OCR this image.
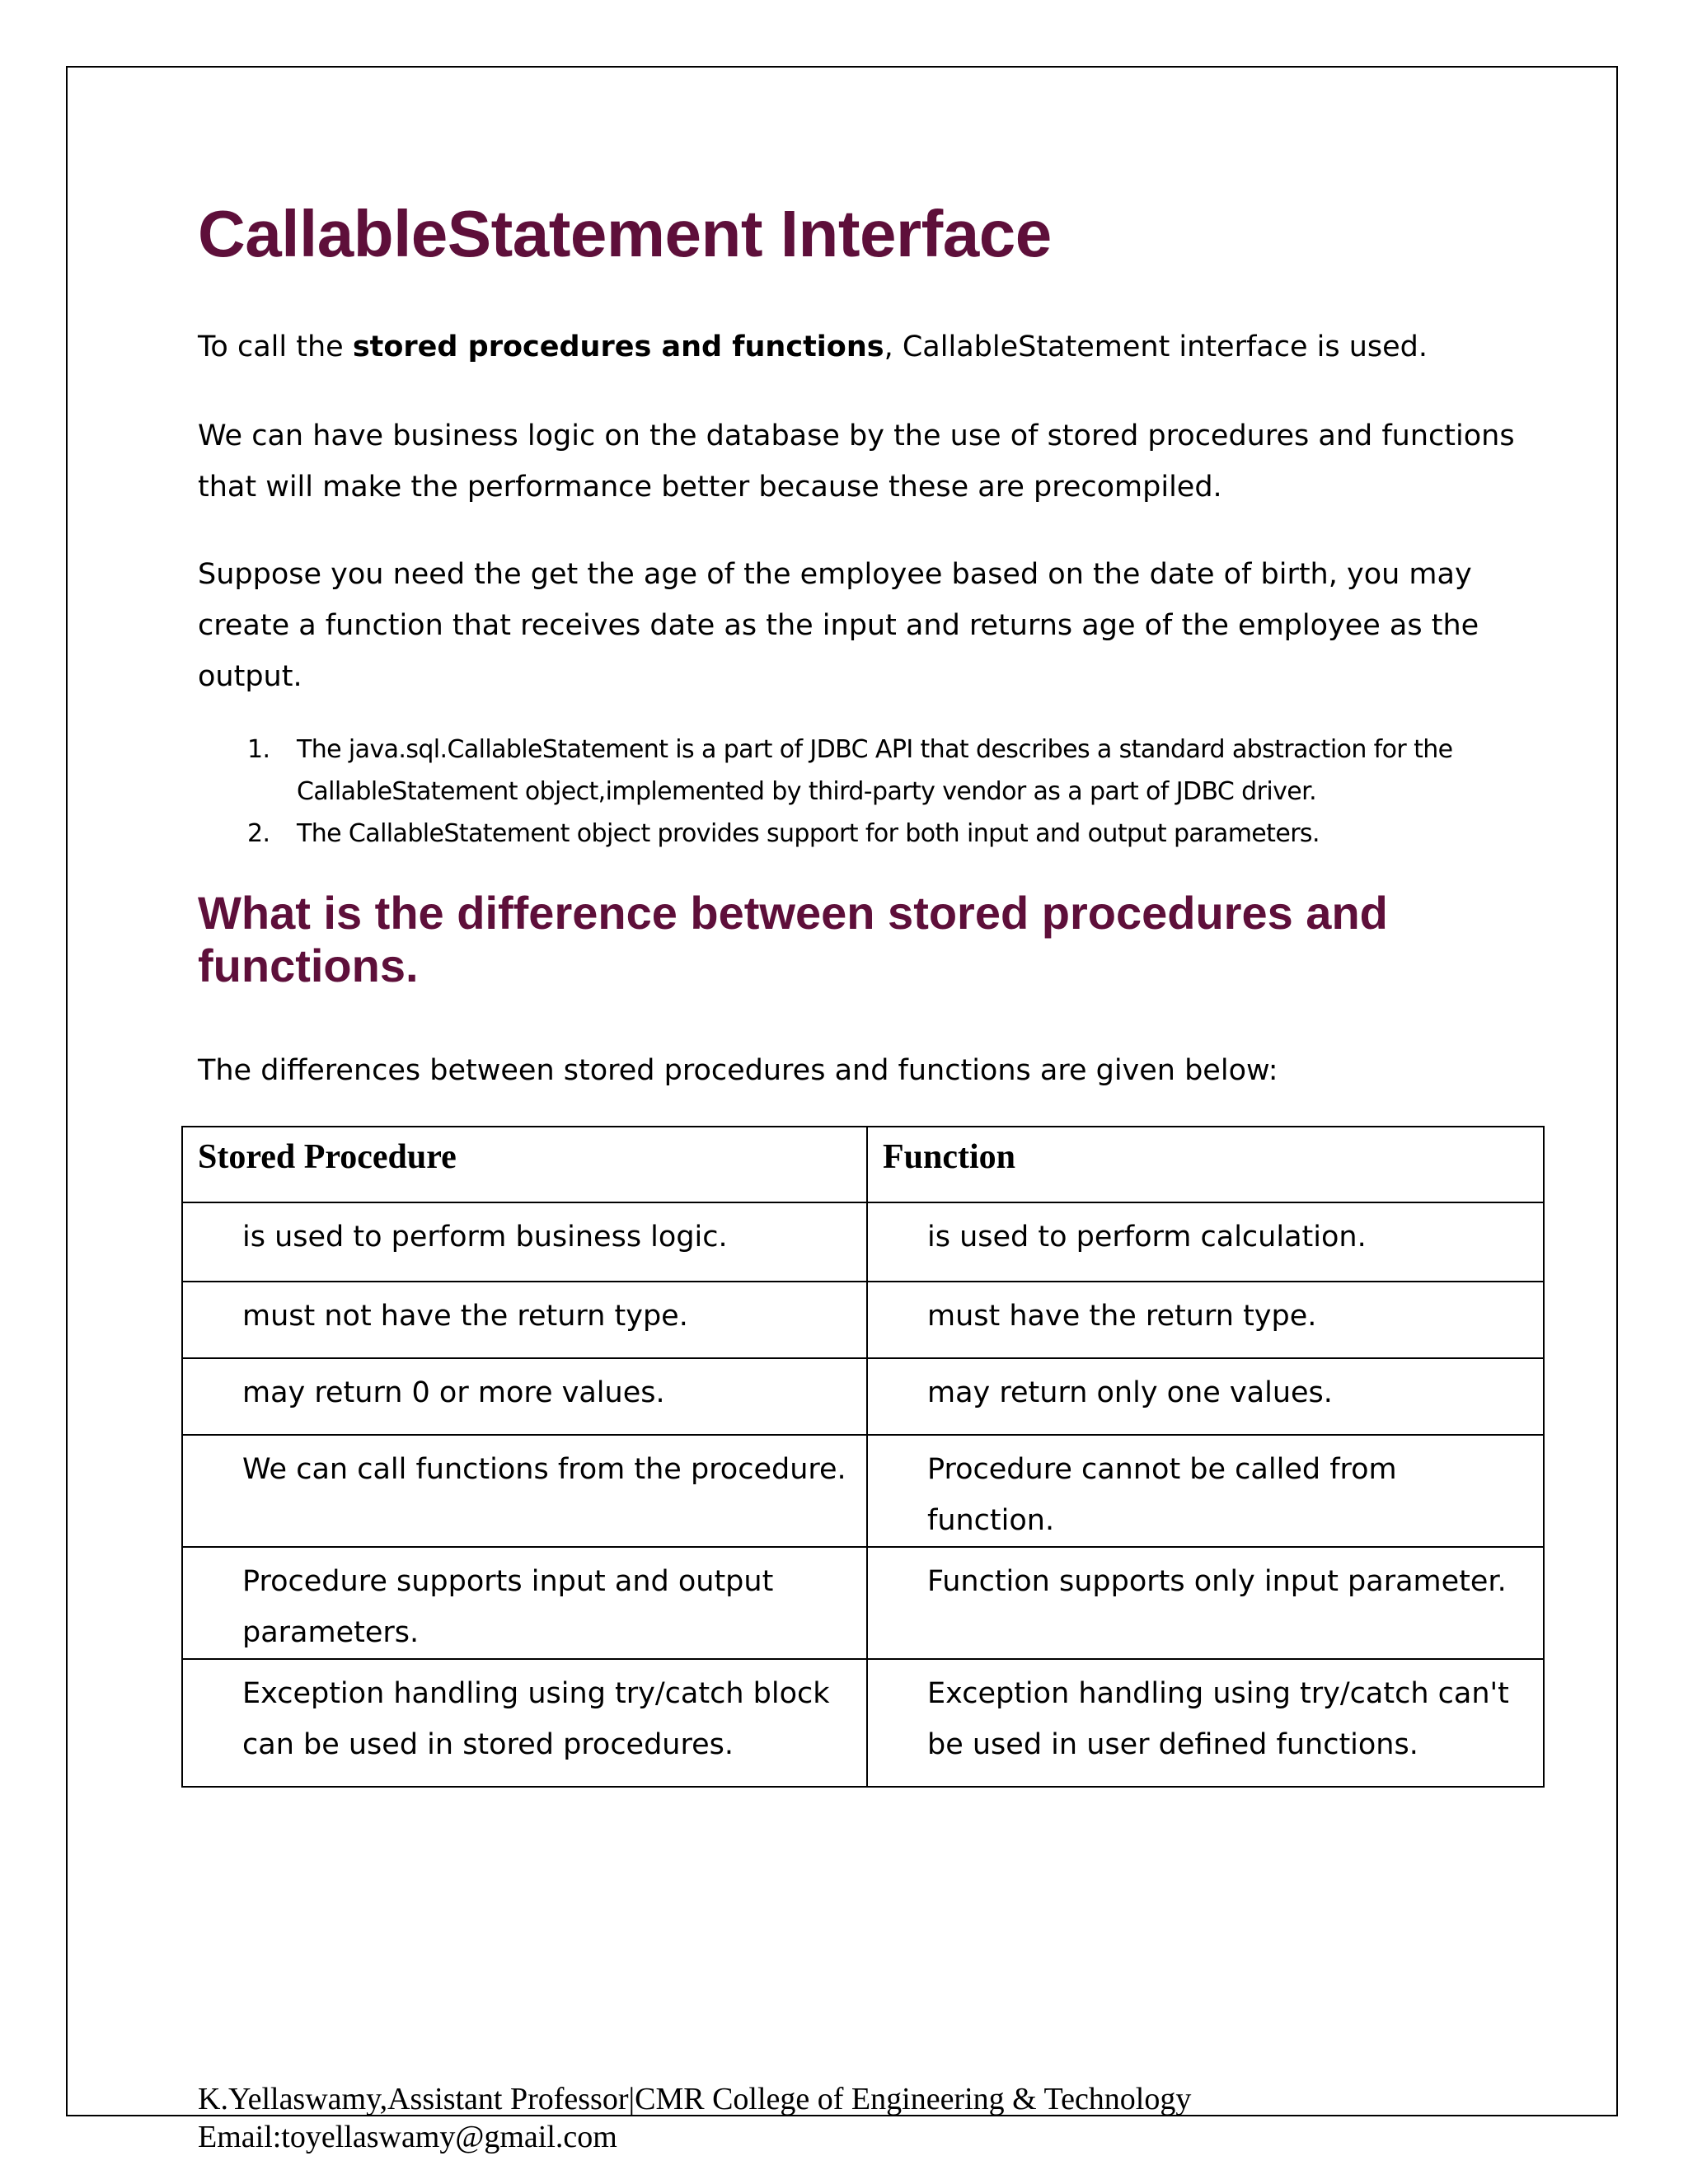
CallableStatement Interface

To call the stored procedures and functions, CallableStatement interface is used.

We can have business logic on the database by the use of stored procedures and functions that will make the performance better because these are precompiled.

Suppose you need the get the age of the employee based on the date of birth, you may create a function that receives date as the input and returns age of the employee as the output.

1. The java.sql.CallableStatement is a part of JDBC API that describes a standard abstraction for the CallableStatement object,implemented by third-party vendor as a part of JDBC driver.
2. The CallableStatement object provides support for both input and output parameters.
What is the difference between stored procedures and functions.

The differences between stored procedures and functions are given below:

Stored Procedure	Function
is used to perform business logic.	is used to perform calculation.
must not have the return type.	must have the return type.
may return 0 or more values.	may return only one values.
We can call functions from the procedure.	Procedure cannot be called from function.
Procedure supports input and output parameters.	Function supports only input parameter.
Exception handling using try/catch block can be used in stored procedures.	Exception handling using try/catch can't be used in user defined functions.
K.Yellaswamy,Assistant Professor|CMR College of Engineering & Technology
Email:toyellaswamy@gmail.com
